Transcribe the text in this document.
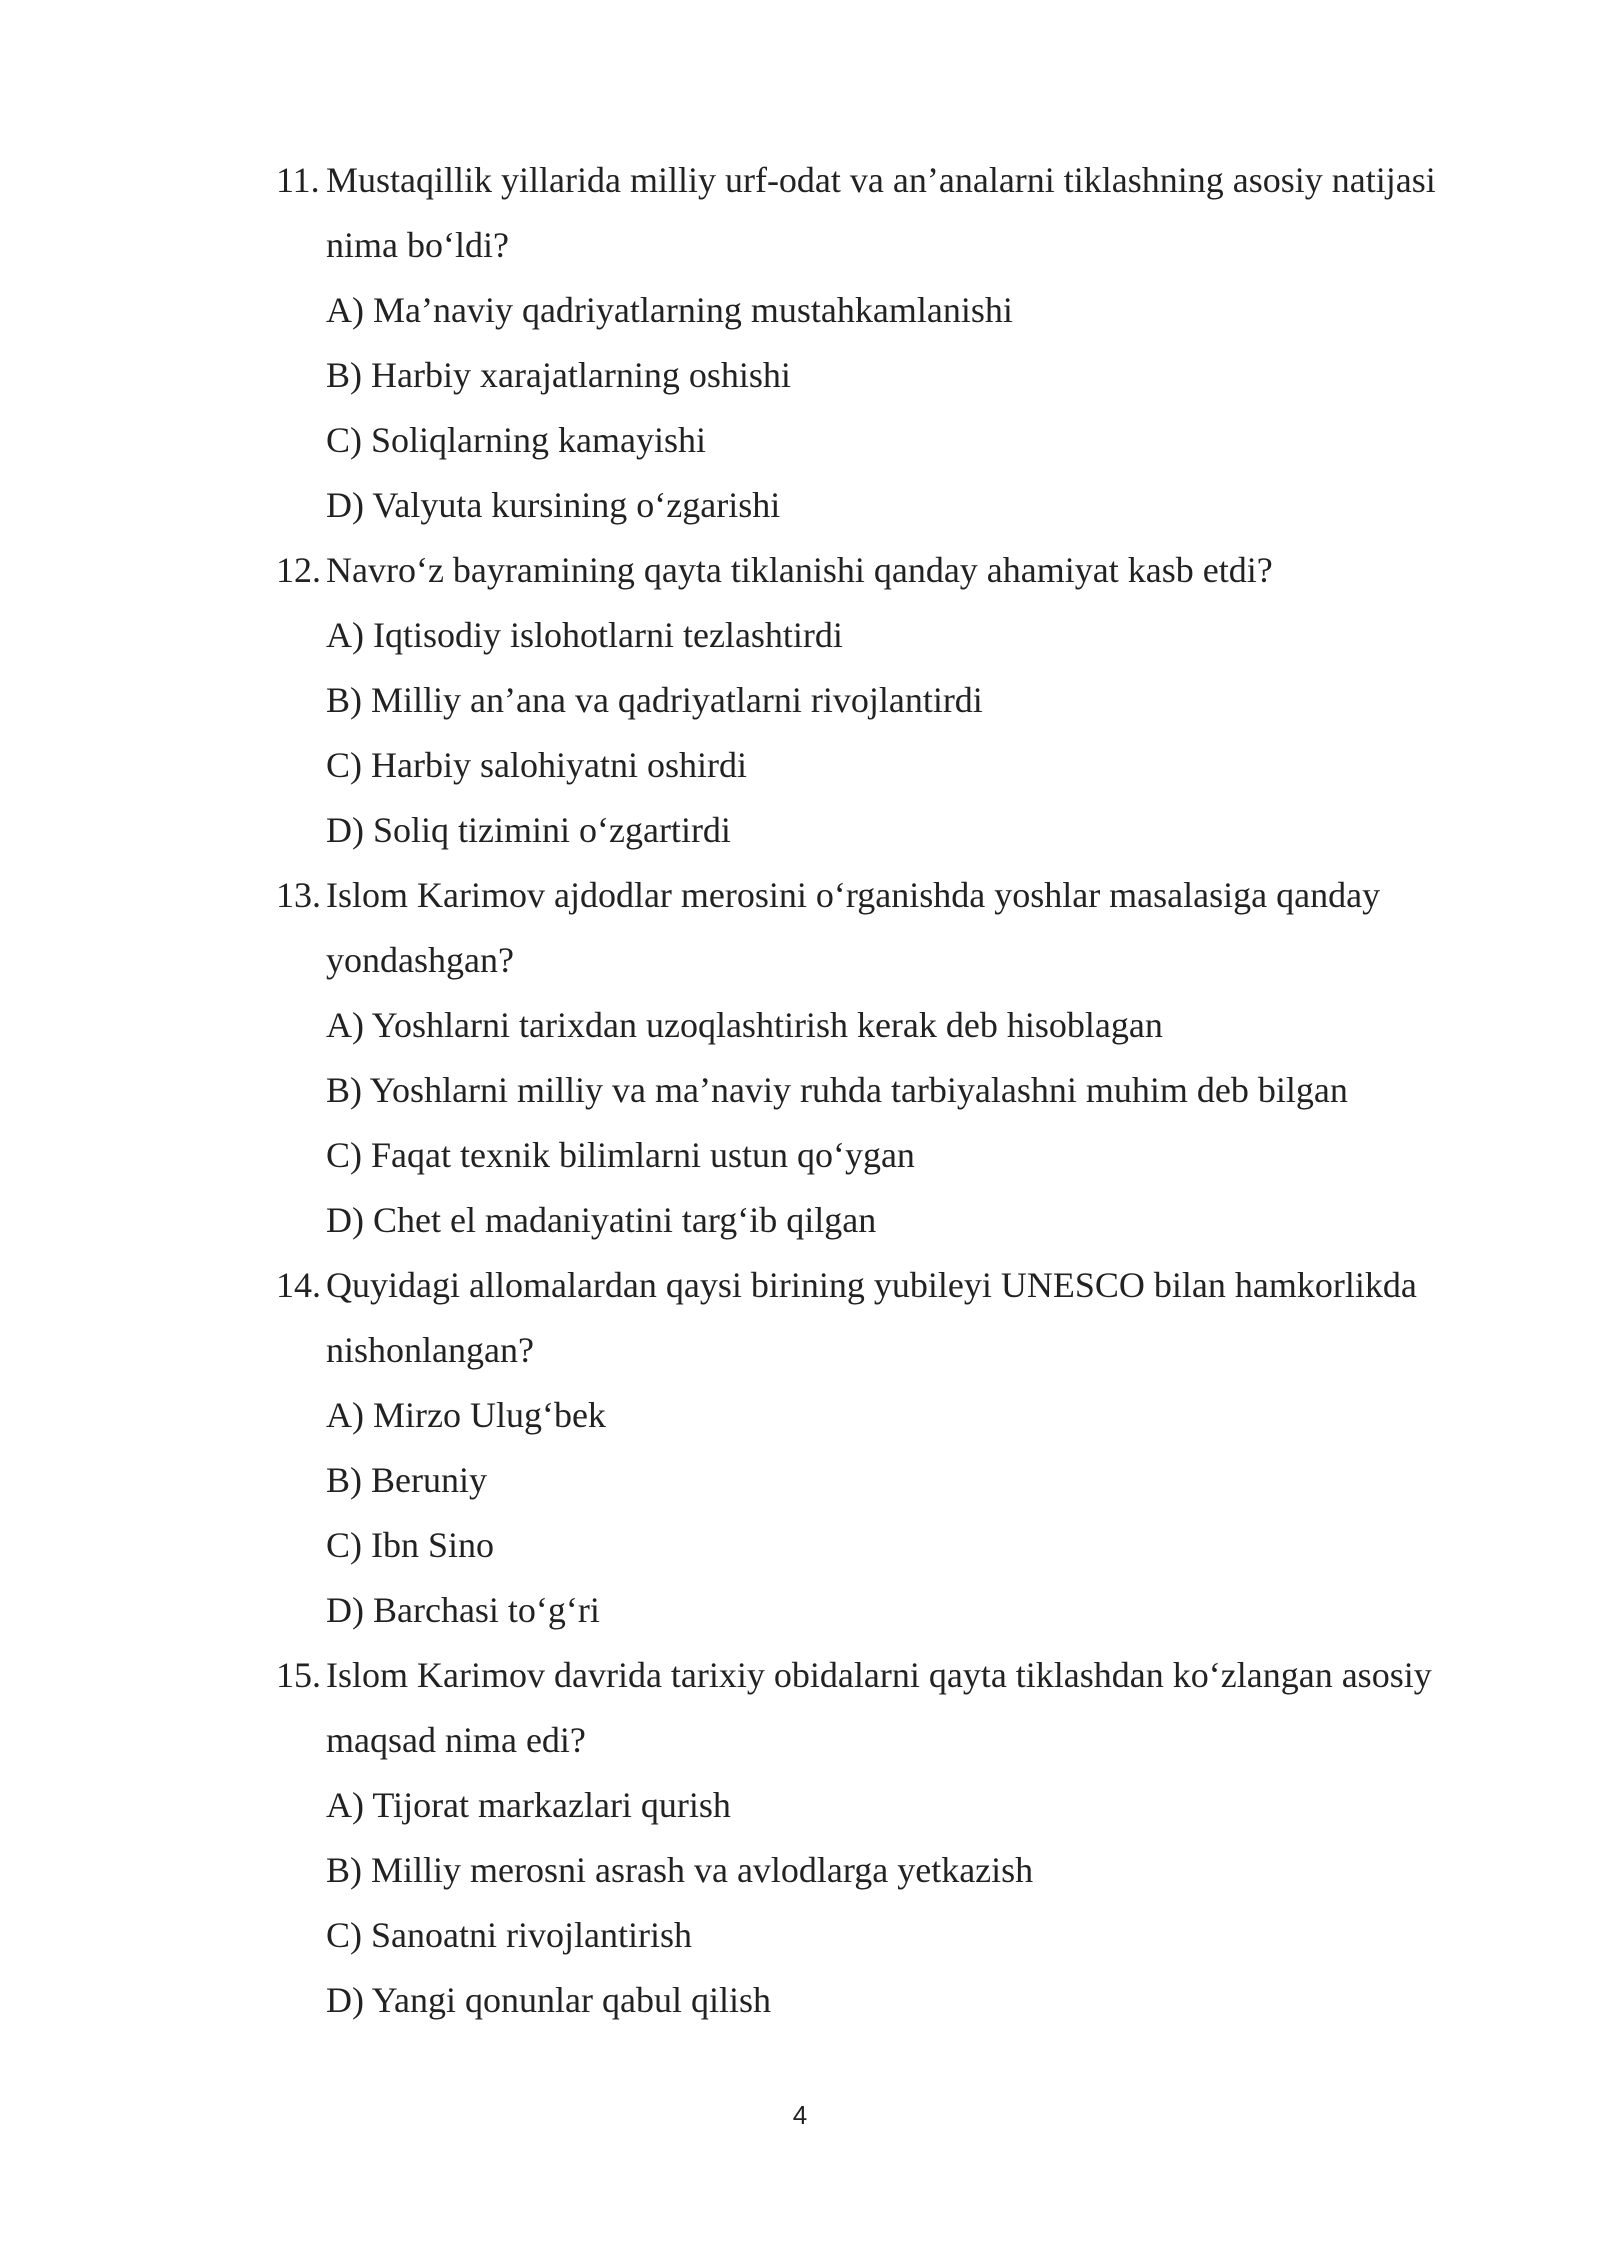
11. Mustaqillik yillarida milliy urf-odat va an’analarni tiklashning asosiy natijasi nima bo‘ldi?
A) Ma’naviy qadriyatlarning mustahkamlanishi
B) Harbiy xarajatlarning oshishi
C) Soliqlarning kamayishi
D) Valyuta kursining o‘zgarishi
12. Navro‘z bayramining qayta tiklanishi qanday ahamiyat kasb etdi?
A) Iqtisodiy islohotlarni tezlashtirdi
B) Milliy an’ana va qadriyatlarni rivojlantirdi
C) Harbiy salohiyatni oshirdi
D) Soliq tizimini o‘zgartirdi
13. Islom Karimov ajdodlar merosini o‘rganishda yoshlar masalasiga qanday yondashgan?
A) Yoshlarni tarixdan uzoqlashtirish kerak deb hisoblagan
B) Yoshlarni milliy va ma’naviy ruhda tarbiyalashni muhim deb bilgan
C) Faqat texnik bilimlarni ustun qo‘ygan
D) Chet el madaniyatini targ‘ib qilgan
14. Quyidagi allomalardan qaysi birining yubileyi UNESCO bilan hamkorlikda nishonlangan?
A) Mirzo Ulug‘bek
B) Beruniy
C) Ibn Sino
D) Barchasi to‘g‘ri
15. Islom Karimov davrida tarixiy obidalarni qayta tiklashdan ko‘zlangan asosiy maqsad nima edi?
A) Tijorat markazlari qurish
B) Milliy merosni asrash va avlodlarga yetkazish
C) Sanoatni rivojlantirish
D) Yangi qonunlar qabul qilish
4
